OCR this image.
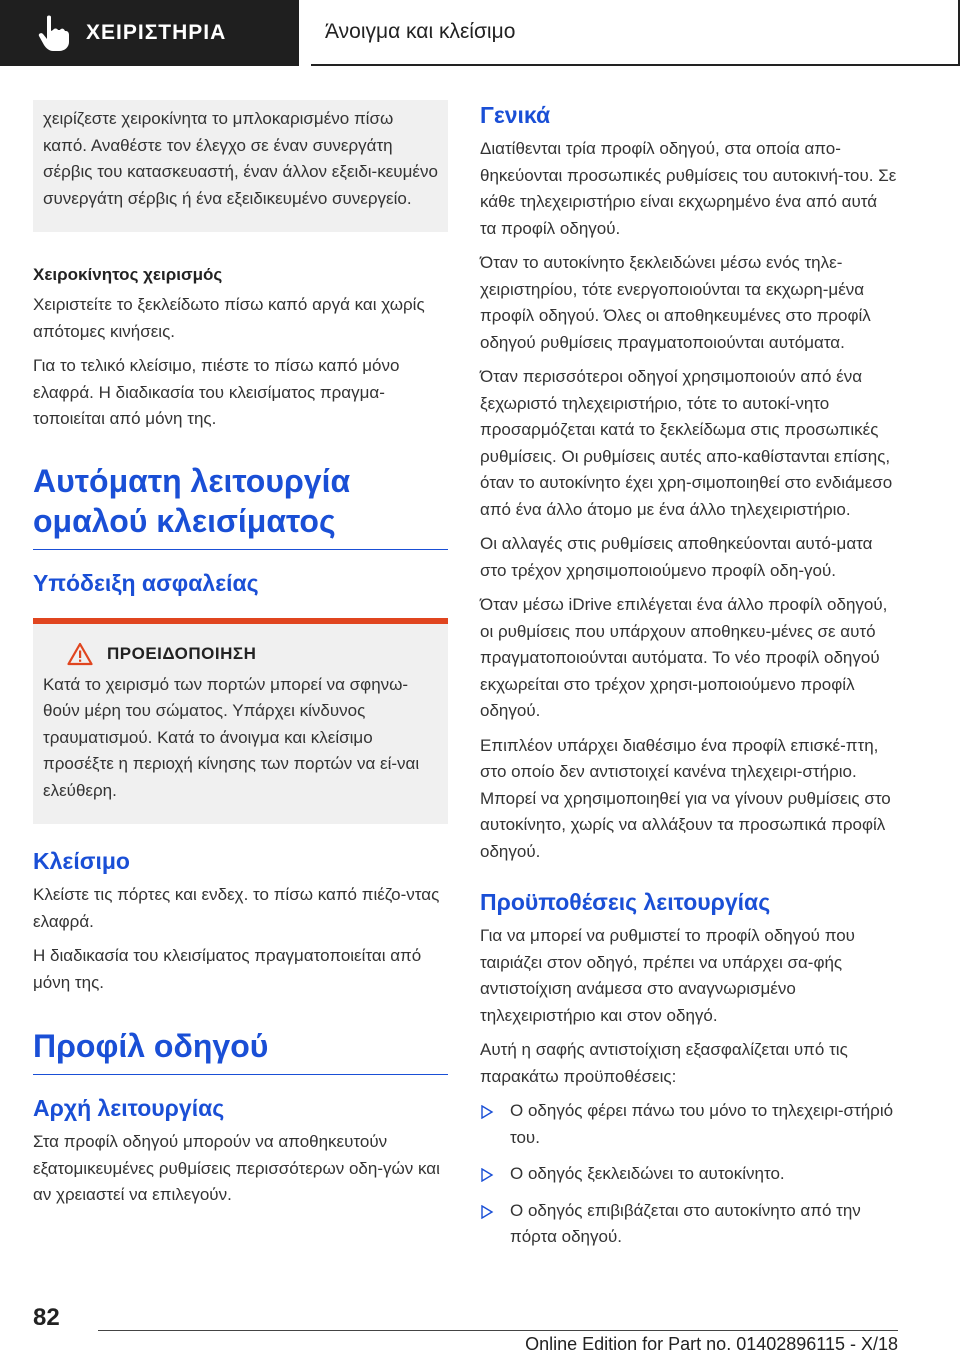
ΧΕΙΡΙΣΤΗΡΙΑ	Άνοιγμα και κλείσιμο

χειρίζεστε χειροκίνητα το μπλοκαρισμένο πίσω καπό. Αναθέστε τον έλεγχο σε έναν συνεργάτη σέρβις του κατασκευαστή, έναν άλλον εξειδι‐κευμένο συνεργάτη σέρβις ή ένα εξειδικευμένο συνεργείο.

Χειροκίνητος χειρισμός

Χειριστείτε το ξεκλείδωτο πίσω καπό αργά και χωρίς απότομες κινήσεις.

Για το τελικό κλείσιμο, πιέστε το πίσω καπό μόνο ελαφρά. Η διαδικασία του κλεισίματος πραγμα‐τοποιείται από μόνη της.

Αυτόματη λειτουργία ομαλού κλεισίματος
Υπόδειξη ασφαλείας
ΠΡΟΕΙΔΟΠΟΙΗΣΗ

Κατά το χειρισμό των πορτών μπορεί να σφηνω‐θούν μέρη του σώματος. Υπάρχει κίνδυνος τραυματισμού. Κατά το άνοιγμα και κλείσιμο προσέξτε η περιοχή κίνησης των πορτών να εί‐ναι ελεύθερη.

Κλείσιμο

Κλείστε τις πόρτες και ενδεχ. το πίσω καπό πιέζο‐ντας ελαφρά.

Η διαδικασία του κλεισίματος πραγματοποιείται από μόνη της.

Προφίλ οδηγού
Αρχή λειτουργίας

Στα προφίλ οδηγού μπορούν να αποθηκευτούν εξατομικευμένες ρυθμίσεις περισσότερων οδη‐γών και αν χρειαστεί να επιλεγούν.

Γενικά

Διατίθενται τρία προφίλ οδηγού, στα οποία απο‐θηκεύονται προσωπικές ρυθμίσεις του αυτοκινή‐του. Σε κάθε τηλεχειριστήριο είναι εκχωρημένο ένα από αυτά τα προφίλ οδηγού.

Όταν το αυτοκίνητο ξεκλειδώνει μέσω ενός τηλε‐χειριστηρίου, τότε ενεργοποιούνται τα εκχωρη‐μένα προφίλ οδηγού. Όλες οι αποθηκευμένες στο προφίλ οδηγού ρυθμίσεις πραγματοποιούνται αυτόματα.

Όταν περισσότεροι οδηγοί χρησιμοποιούν από ένα ξεχωριστό τηλεχειριστήριο, τότε το αυτοκί‐νητο προσαρμόζεται κατά το ξεκλείδωμα στις προσωπικές ρυθμίσεις. Οι ρυθμίσεις αυτές απο‐καθίστανται επίσης, όταν το αυτοκίνητο έχει χρη‐σιμοποιηθεί στο ενδιάμεσο από ένα άλλο άτομο με ένα άλλο τηλεχειριστήριο.

Οι αλλαγές στις ρυθμίσεις αποθηκεύονται αυτό‐ματα στο τρέχον χρησιμοποιούμενο προφίλ οδη‐γού.

Όταν μέσω iDrive επιλέγεται ένα άλλο προφίλ οδηγού, οι ρυθμίσεις που υπάρχουν αποθηκευ‐μένες σε αυτό πραγματοποιούνται αυτόματα. Το νέο προφίλ οδηγού εκχωρείται στο τρέχον χρησι‐μοποιούμενο προφίλ οδηγού.

Επιπλέον υπάρχει διαθέσιμο ένα προφίλ επισκέ‐πτη, στο οποίο δεν αντιστοιχεί κανένα τηλεχειρι‐στήριο. Μπορεί να χρησιμοποιηθεί για να γίνουν ρυθμίσεις στο αυτοκίνητο, χωρίς να αλλάξουν τα προσωπικά προφίλ οδηγού.

Προϋποθέσεις λειτουργίας

Για να μπορεί να ρυθμιστεί το προφίλ οδηγού που ταιριάζει στον οδηγό, πρέπει να υπάρχει σα‐φής αντιστοίχιση ανάμεσα στο αναγνωρισμένο τηλεχειριστήριο και στον οδηγό.

Αυτή η σαφής αντιστοίχιση εξασφαλίζεται υπό τις παρακάτω προϋποθέσεις:

Ο οδηγός φέρει πάνω του μόνο το τηλεχειρι‐στήριό του.
Ο οδηγός ξεκλειδώνει το αυτοκίνητο.
Ο οδηγός επιβιβάζεται στο αυτοκίνητο από την πόρτα οδηγού.
82
Online Edition for Part no. 01402896115 - X/18
